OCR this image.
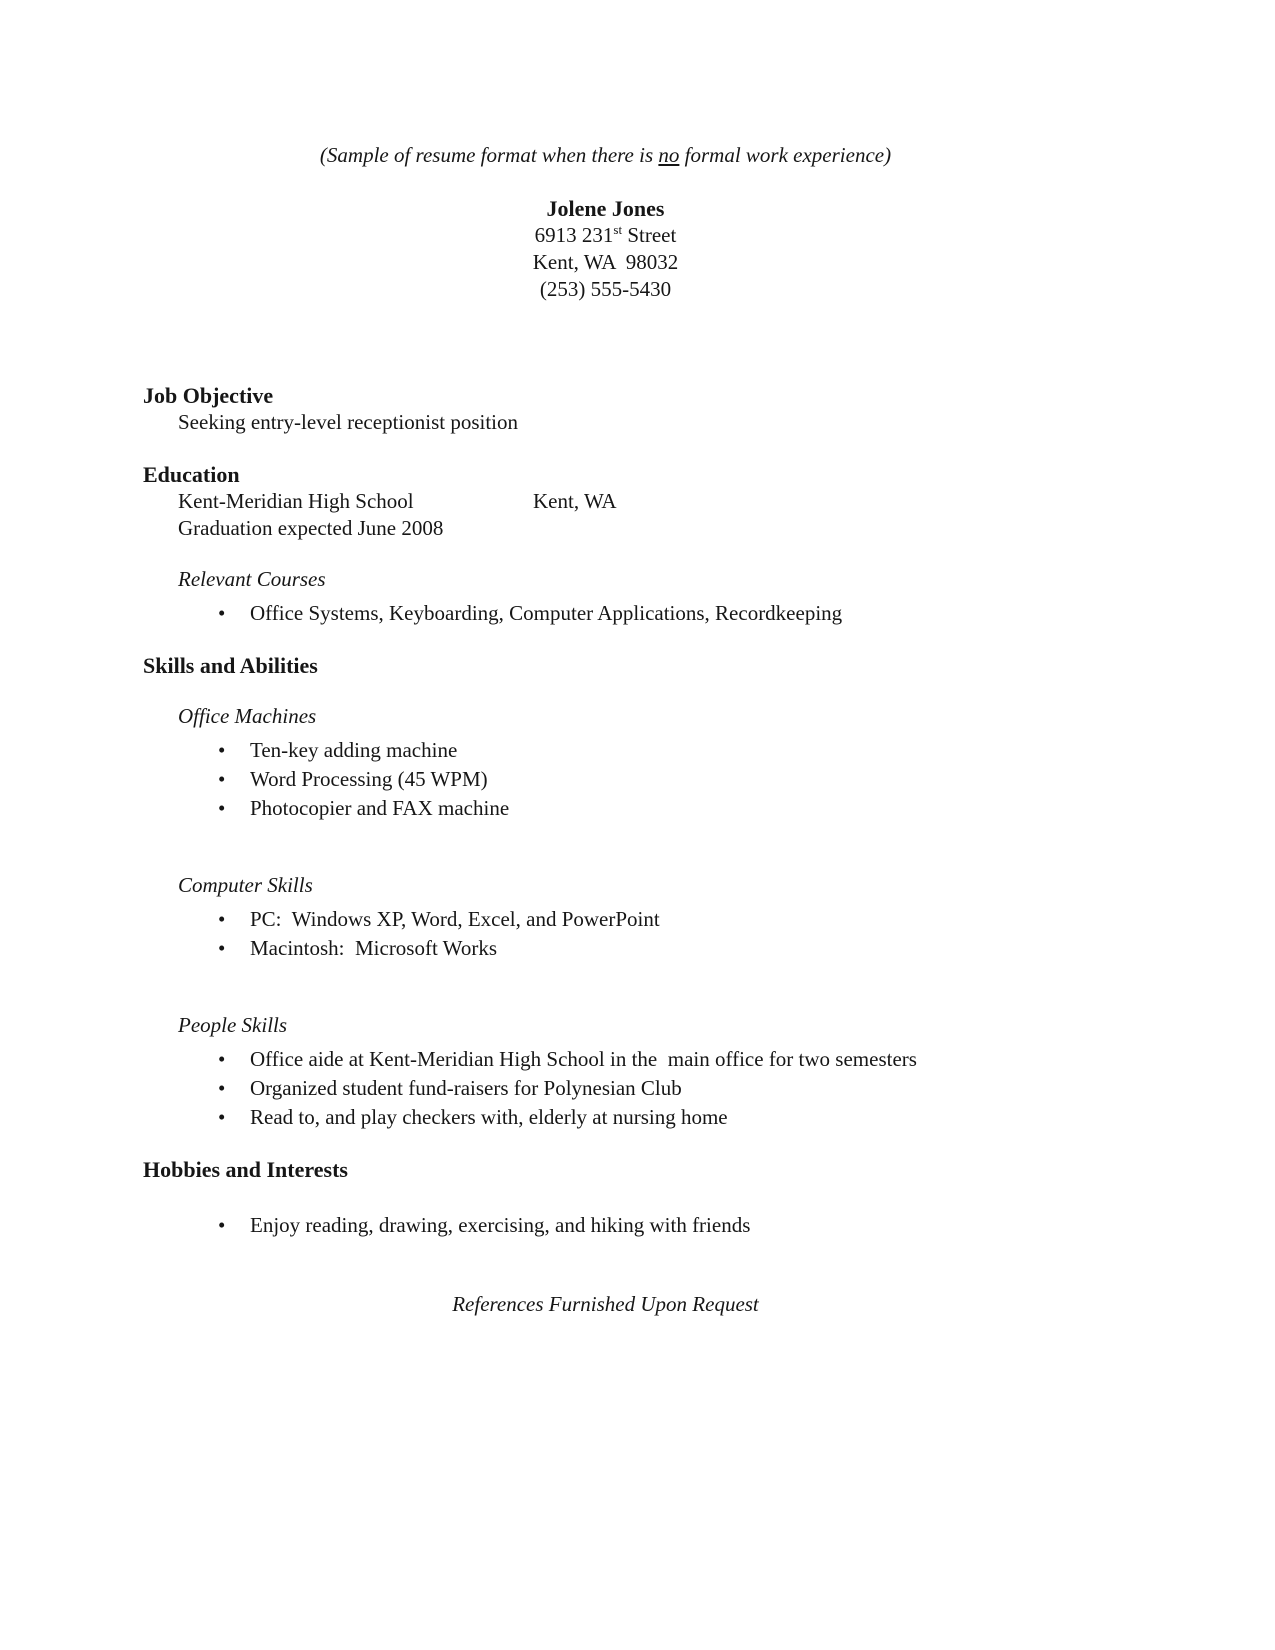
(Sample of resume format when there is no formal work experience)
Jolene Jones
6913 231st Street
Kent, WA  98032
(253) 555-5430
Job Objective
Seeking entry-level receptionist position
Education
Kent-Meridian High School	Kent, WA
Graduation expected June 2008
Relevant Courses
•
Office Systems, Keyboarding, Computer Applications, Recordkeeping
Skills and Abilities
Office Machines
•
Ten-key adding machine
•
Word Processing (45 WPM)
•
Photocopier and FAX machine
Computer Skills
•
PC:  Windows XP, Word, Excel, and PowerPoint
•
Macintosh:  Microsoft Works
People Skills
•
Office aide at Kent-Meridian High School in the  main office for two semesters
•
Organized student fund-raisers for Polynesian Club
•
Read to, and play checkers with, elderly at nursing home
Hobbies and Interests
•
Enjoy reading, drawing, exercising, and hiking with friends
References Furnished Upon Request
